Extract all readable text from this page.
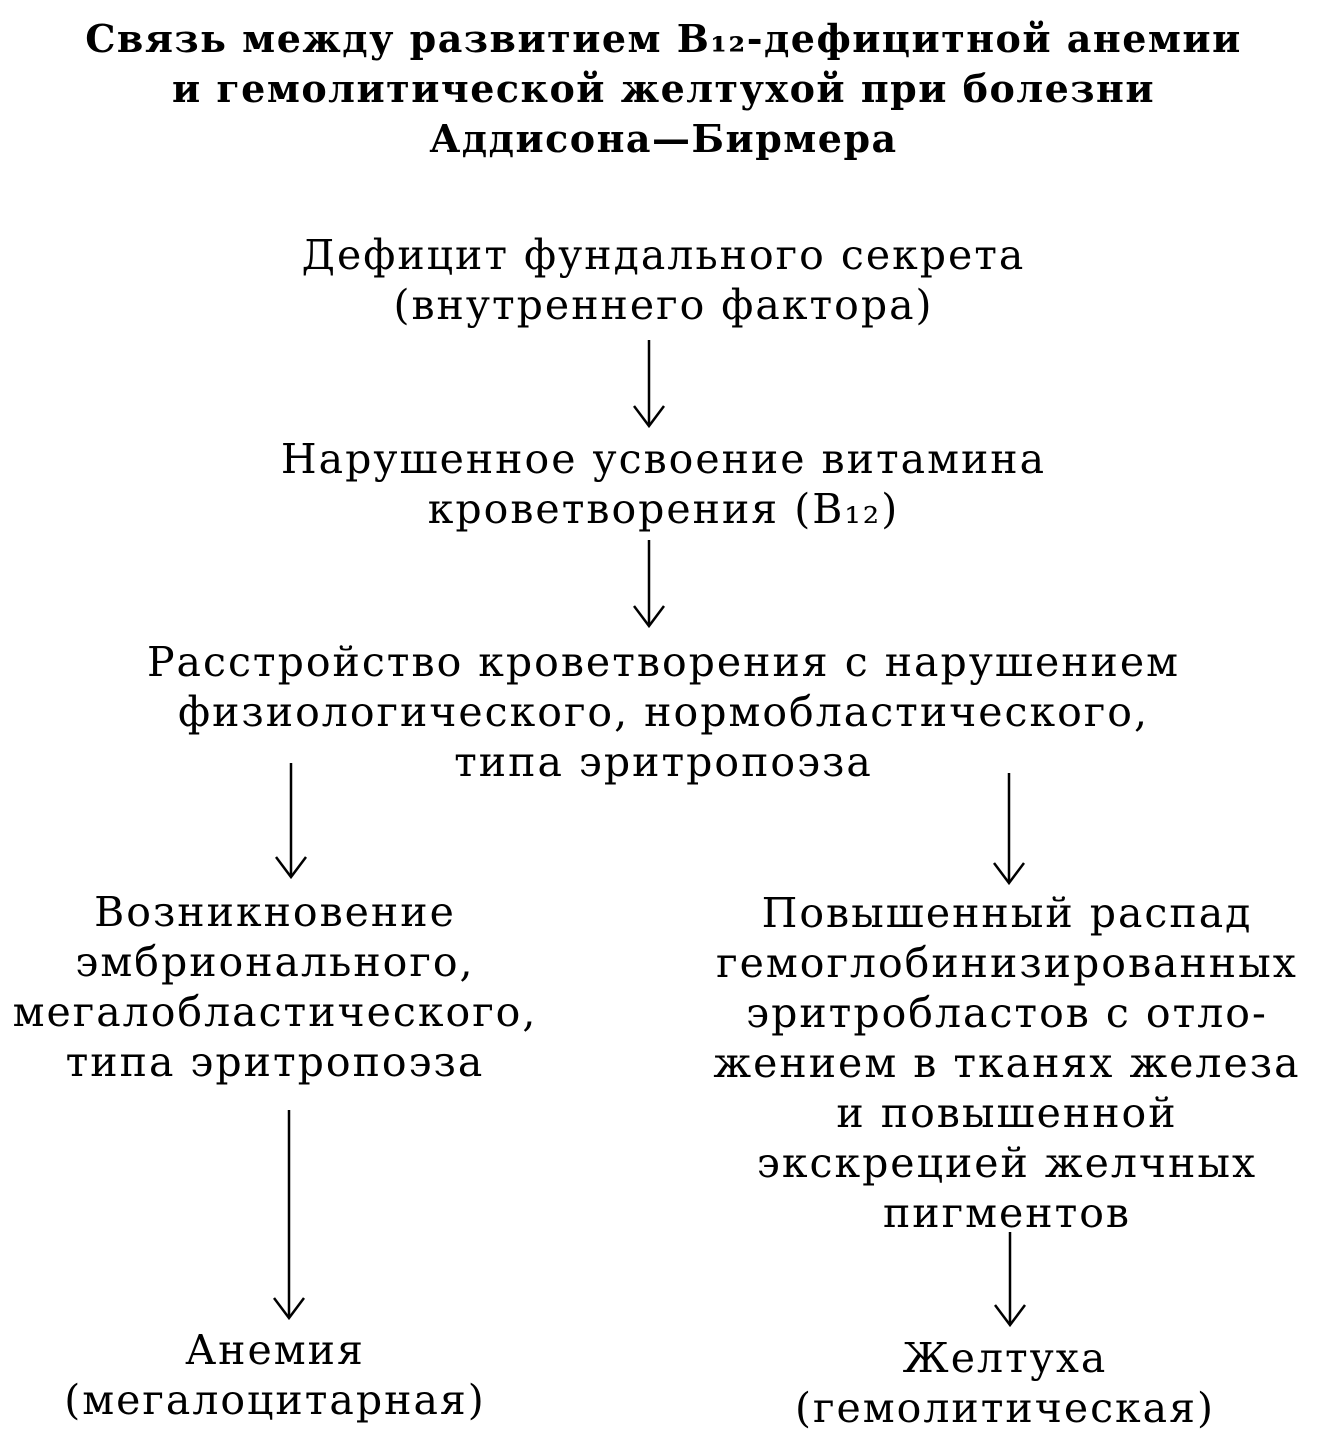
Связь между развитием B₁₂-дефицитной анемии
и гемолитической желтухой при болезни
Аддисона—Бирмера
Дефицит фундального секрета
(внутреннего фактора)
Нарушенное усвоение витамина
кроветворения (B₁₂)
Расстройство кроветворения с нарушением
физиологического, нормобластического,
типа эритропоэза
Возникновение
эмбрионального,
мегалобластического,
типа эритропоэза
Повышенный распад
гемоглобинизированных
эритробластов с отло-
жением в тканях железа
и повышенной
экскрецией желчных
пигментов
Анемия
(мегалоцитарная)
Желтуха
(гемолитическая)
